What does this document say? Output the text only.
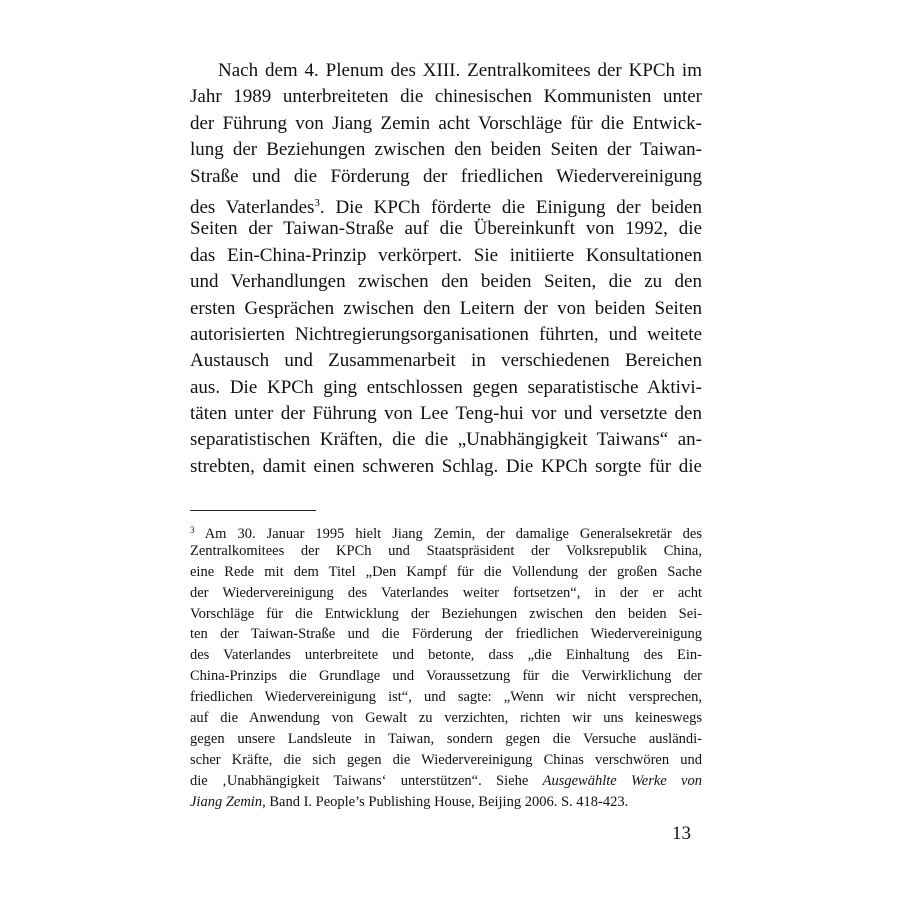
Nach dem 4. Plenum des XIII. Zentralkomitees der KPCh im
Jahr 1989 unterbreiteten die chinesischen Kommunisten unter
der Führung von Jiang Zemin acht Vorschläge für die Entwick-
lung der Beziehungen zwischen den beiden Seiten der Taiwan-
Straße und die Förderung der friedlichen Wiedervereinigung
des Vaterlandes$^3$. Die KPCh förderte die Einigung der beiden
Seiten der Taiwan-Straße auf die Übereinkunft von 1992, die
das Ein-China-Prinzip verkörpert. Sie initiierte Konsultationen
und Verhandlungen zwischen den beiden Seiten, die zu den
ersten Gesprächen zwischen den Leitern der von beiden Seiten
autorisierten Nichtregierungsorganisationen führten, und weitete
Austausch und Zusammenarbeit in verschiedenen Bereichen
aus. Die KPCh ging entschlossen gegen separatistische Aktivi-
täten unter der Führung von Lee Teng-hui vor und versetzte den
separatistischen Kräften, die die „Unabhängigkeit Taiwans“ an-
strebten, damit einen schweren Schlag. Die KPCh sorgte für die
$^3$ Am 30. Januar 1995 hielt Jiang Zemin, der damalige Generalsekretär des
Zentralkomitees der KPCh und Staatspräsident der Volksrepublik China,
eine Rede mit dem Titel „Den Kampf für die Vollendung der großen Sache
der Wiedervereinigung des Vaterlandes weiter fortsetzen“, in der er acht
Vorschläge für die Entwicklung der Beziehungen zwischen den beiden Sei-
ten der Taiwan-Straße und die Förderung der friedlichen Wiedervereinigung
des Vaterlandes unterbreitete und betonte, dass „die Einhaltung des Ein-
China-Prinzips die Grundlage und Voraussetzung für die Verwirklichung der
friedlichen Wiedervereinigung ist“, und sagte: „Wenn wir nicht versprechen,
auf die Anwendung von Gewalt zu verzichten, richten wir uns keineswegs
gegen unsere Landsleute in Taiwan, sondern gegen die Versuche ausländi-
scher Kräfte, die sich gegen die Wiedervereinigung Chinas verschwören und
die ‚Unabhängigkeit Taiwans‘ unterstützen“. Siehe Ausgewählte Werke von
Jiang Zemin, Band I. People’s Publishing House, Beijing 2006. S. 418-423.
13
